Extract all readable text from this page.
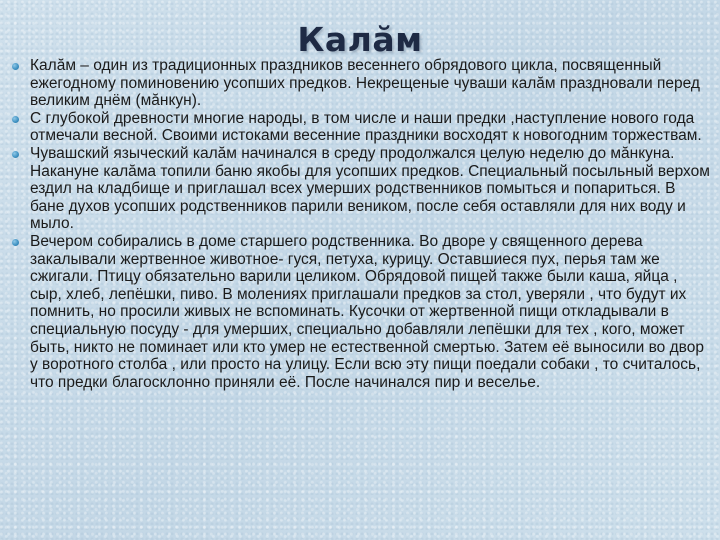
Калăм
Калăм – один из традиционных праздников весеннего обрядового цикла, посвященный ежегодному поминовению усопших предков. Некрещеные чуваши калăм праздновали перед великим днём (мăнкун).
С глубокой древности многие народы, в том числе и наши предки ,наступление нового года отмечали весной. Своими истоками весенние праздники восходят к новогодним торжествам.
Чувашский языческий калăм начинался в среду продолжался целую неделю до мăнкуна. Накануне калăма топили баню якобы для усопших предков. Специальный посыльный верхом ездил на кладбище и приглашал всех умерших родственников помыться и попариться. В бане духов усопших родственников парили веником, после себя оставляли для них воду и мыло.
Вечером собирались в доме старшего родственника. Во дворе у священного дерева закалывали жертвенное животное- гуся, петуха, курицу. Оставшиеся пух, перья там же сжигали. Птицу обязательно варили целиком. Обрядовой пищей также были каша, яйца , сыр, хлеб, лепёшки, пиво. В молениях приглашали предков за стол, уверяли , что будут их помнить, но просили живых не вспоминать. Кусочки от жертвенной пищи откладывали в специальную посуду - для умерших, специально добавляли лепёшки для тех , кого, может быть, никто не поминает или кто умер не естественной смертью. Затем её выносили во двор у воротного столба , или просто на улицу. Если всю эту пищи поедали собаки , то считалось, что предки благосклонно приняли её. После начинался пир и веселье.
